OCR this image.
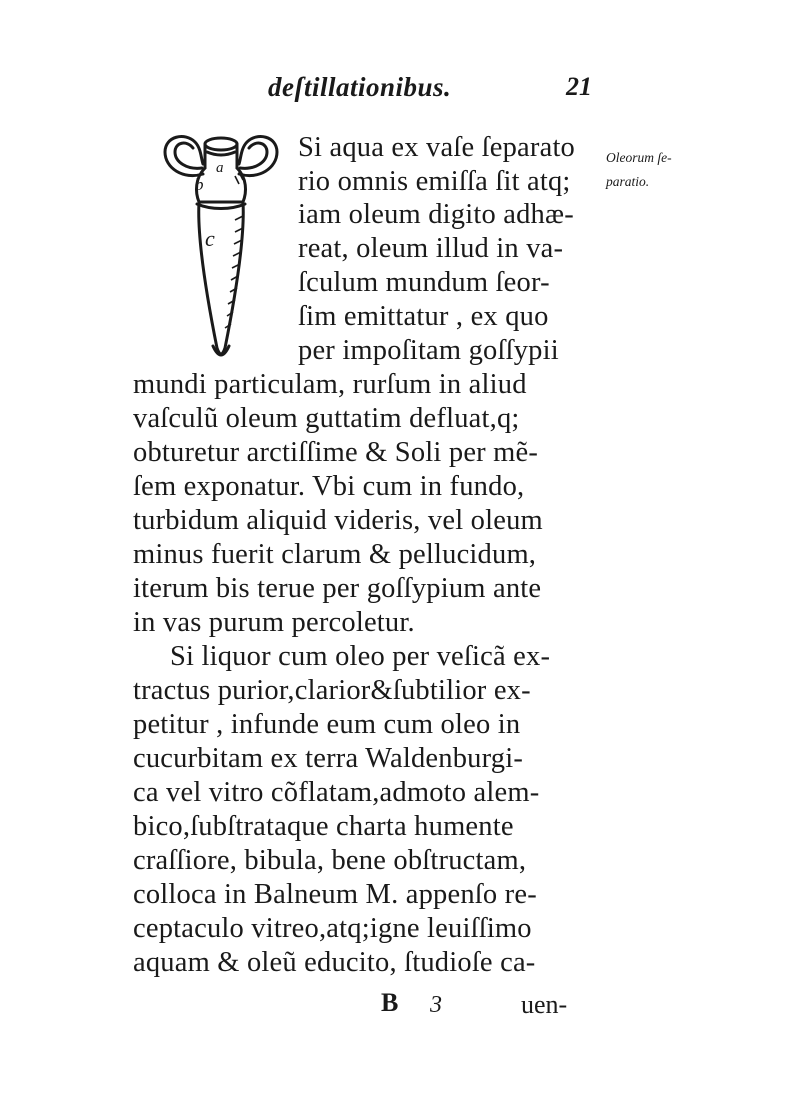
deſtillationibus.	21
a
b
c
Oleorum ſe-
paratio.
Si aqua ex vaſe ſeparato
rio omnis emiſſa ſit atq;
iam oleum digito adhæ-
reat, oleum illud in va-
ſculum mundum ſeor-
ſim emittatur , ex quo
per impoſitam goſſypii
mundi particulam, rurſum in aliud
vaſculũ oleum guttatim defluat,q;
obturetur arctiſſime & Soli per mẽ-
ſem exponatur. Vbi cum in fundo,
turbidum aliquid videris, vel oleum
minus fuerit clarum & pellucidum,
iterum bis terue per goſſypium ante
in vas purum percoletur.
Si liquor cum oleo per veſicã ex-
tractus purior,clarior&ſubtilior ex-
petitur , infunde eum cum oleo in
cucurbitam ex terra Waldenburgi-
ca vel vitro cõflatam,admoto alem-
bico,ſubſtrataque charta humente
craſſiore, bibula, bene obſtructam,
colloca in Balneum M. appenſo re-
ceptaculo vitreo,atq;igne leuiſſimo
aquam & oleũ educito, ſtudioſe ca-
B 3	uen-
